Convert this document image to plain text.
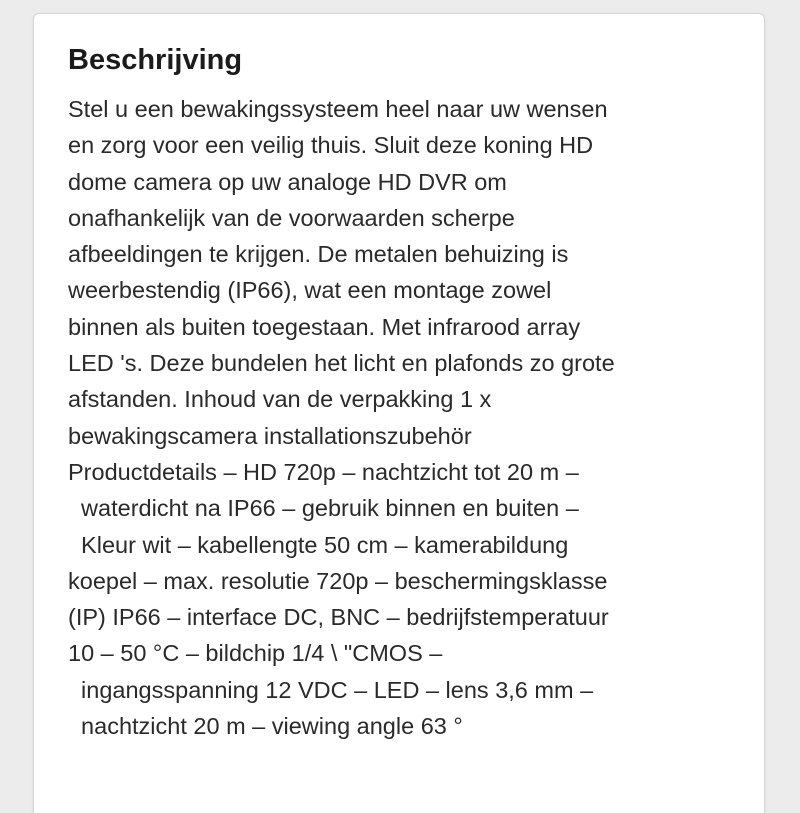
Beschrijving
Stel u een bewakingssysteem heel naar uw wensen
en zorg voor een veilig thuis. Sluit deze koning HD
dome camera op uw analoge HD DVR om
onafhankelijk van de voorwaarden scherpe
afbeeldingen te krijgen. De metalen behuizing is
weerbestendig (IP66), wat een montage zowel
binnen als buiten toegestaan. Met infrarood array
LED 's. Deze bundelen het licht en plafonds zo grote
afstanden. Inhoud van de verpakking 1 x
bewakingscamera installationszubehör
Productdetails – HD 720p – nachtzicht tot 20 m –
waterdicht na IP66 – gebruik binnen en buiten –
Kleur wit – kabellengte 50 cm – kamerabildung
koepel – max. resolutie 720p – beschermingsklasse
(IP) IP66 – interface DC, BNC – bedrijfstemperatuur
10 – 50 °C – bildchip 1/4 \ "CMOS –
ingangsspanning 12 VDC – LED – lens 3,6 mm –
nachtzicht 20 m – viewing angle 63 °
